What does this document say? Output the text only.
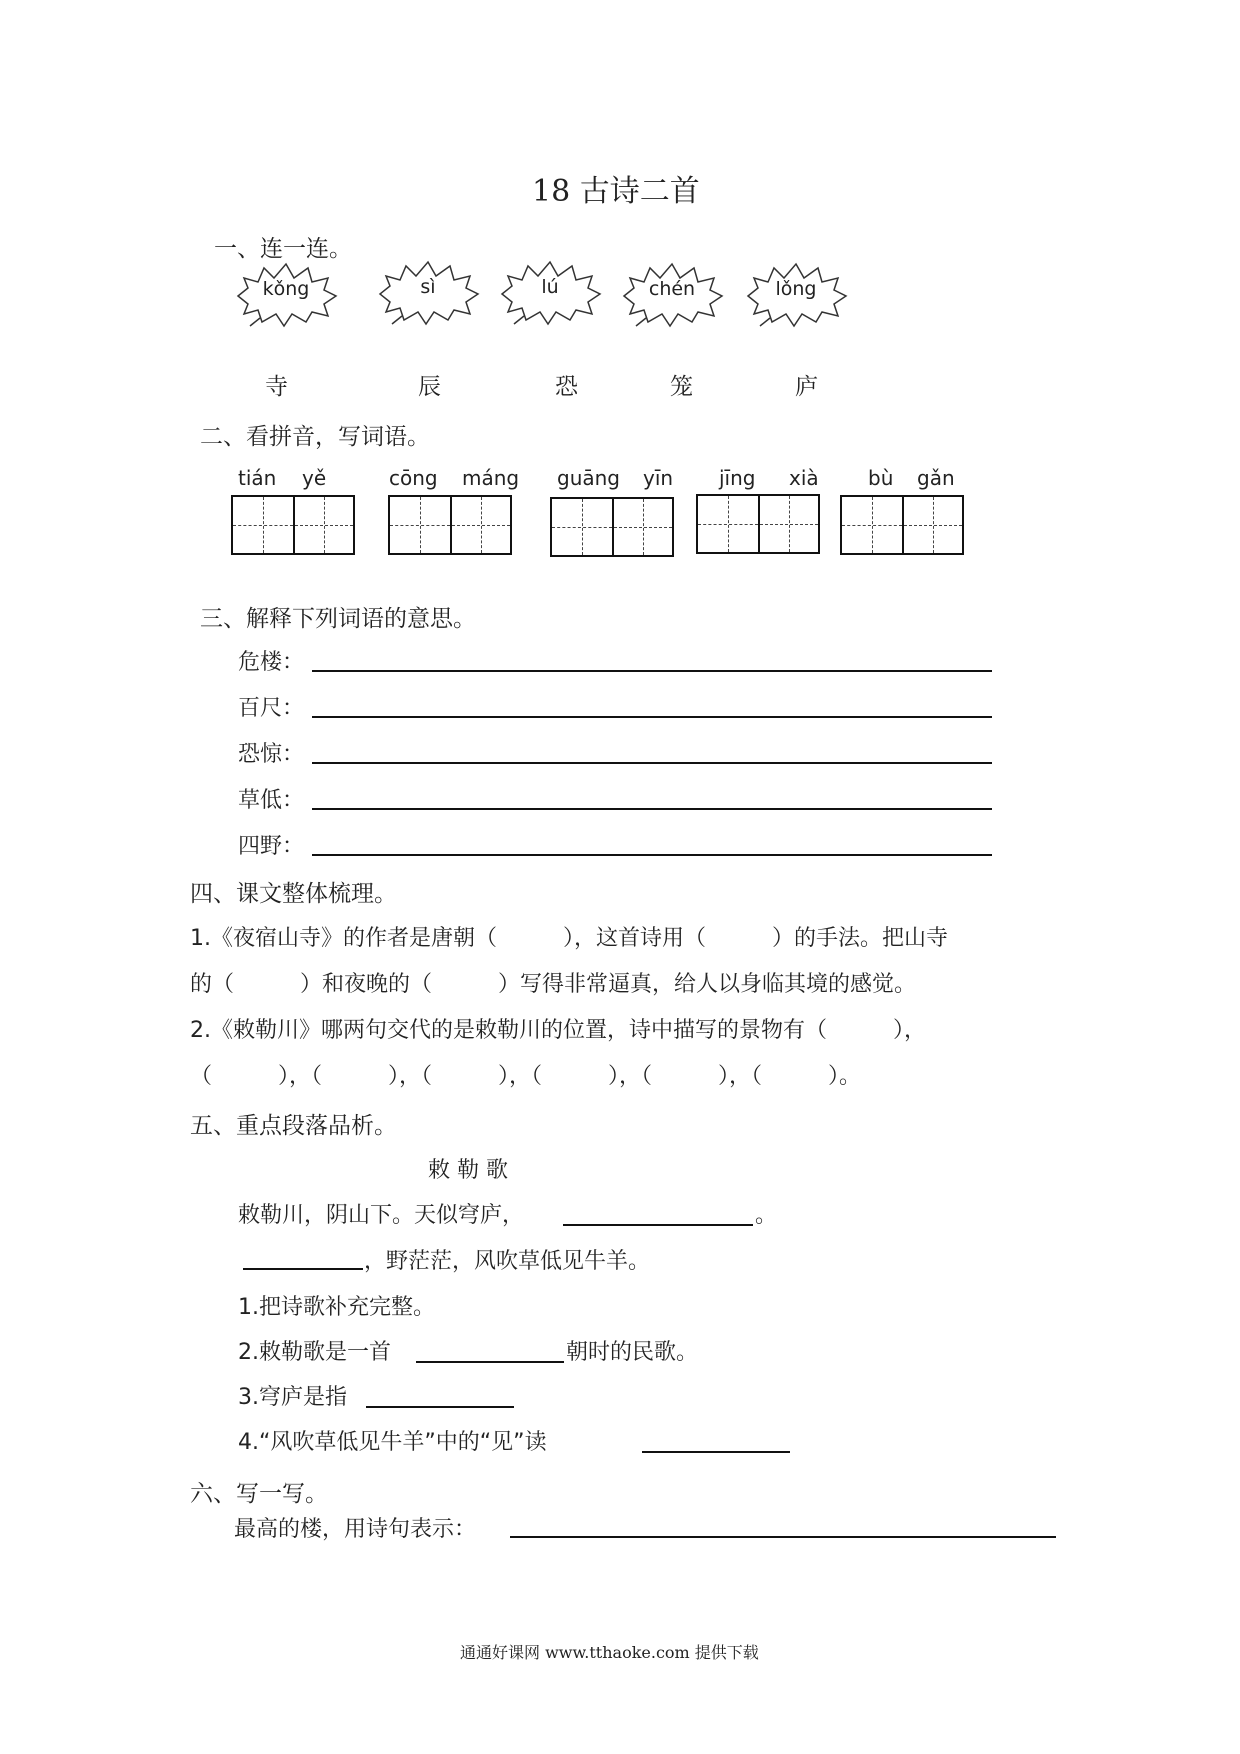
18 古诗二首
一、连一连。
kǒng	sì	lú	chén	lǒng
寺	辰	恐	笼	庐
二、看拼音，写词语。
tián yě	cōng máng guāng yīn jīng xià bù gǎn
三、解释下列词语的意思。
危楼：
百尺：
恐惊：
草低：
四野：
四、课文整体梳理。
1.《夜宿山寺》的作者是唐朝（　　　），这首诗用（　　　）的手法。把山寺
的（　　　）和夜晚的（　　　）写得非常逼真，给人以身临其境的感觉。
2.《敕勒川》哪两句交代的是敕勒川的位置，诗中描写的景物有（　　　），
（　　　），（　　　），（　　　），（　　　），（　　　），（　　　）。
五、重点段落品析。
敕 勒 歌
敕勒川，阴山下。天似穹庐，	。
，野茫茫，风吹草低见牛羊。
1.把诗歌补充完整。
2.敕勒歌是一首	朝时的民歌。
3.穹庐是指
4.“风吹草低见牛羊”中的“见”读
六、写一写。
最高的楼，用诗句表示：
通通好课网 www.tthaoke.com 提供下载
